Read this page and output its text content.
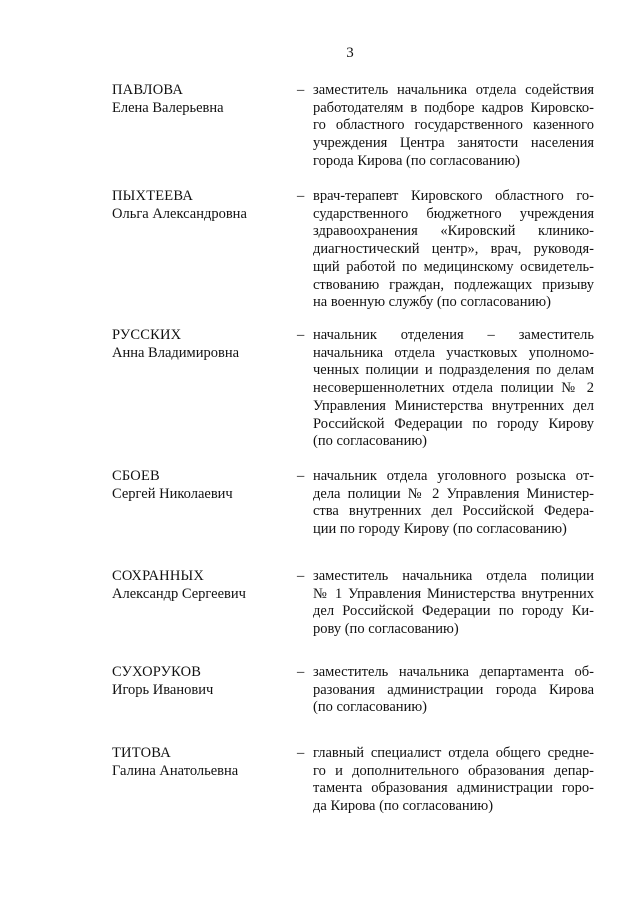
3
ПАВЛОВА
Елена Валерьевна
– заместитель начальника отдела содействия
работодателям в подборе кадров Кировско-
го областного государственного казенного
учреждения Центра занятости населения
города Кирова (по согласованию)
ПЫХТЕЕВА
Ольга Александровна
– врач-терапевт Кировского областного го-
сударственного бюджетного учреждения
здравоохранения «Кировский клинико-
диагностический центр», врач, руководя-
щий работой по медицинскому освидетель-
ствованию граждан, подлежащих призыву
на военную службу (по согласованию)
РУССКИХ
Анна Владимировна
– начальник отделения – заместитель
начальника отдела участковых уполномо-
ченных полиции и подразделения по делам
несовершеннолетних отдела полиции № 2
Управления Министерства внутренних дел
Российской Федерации по городу Кирову
(по согласованию)
СБОЕВ
Сергей Николаевич
– начальник отдела уголовного розыска от-
дела полиции № 2 Управления Министер-
ства внутренних дел Российской Федера-
ции по городу Кирову (по согласованию)
СОХРАННЫХ
Александр Сергеевич
– заместитель начальника отдела полиции
№ 1 Управления Министерства внутренних
дел Российской Федерации по городу Ки-
рову (по согласованию)
СУХОРУКОВ
Игорь Иванович
– заместитель начальника департамента об-
разования администрации города Кирова
(по согласованию)
ТИТОВА
Галина Анатольевна
– главный специалист отдела общего средне-
го и дополнительного образования депар-
тамента образования администрации горо-
да Кирова (по согласованию)
